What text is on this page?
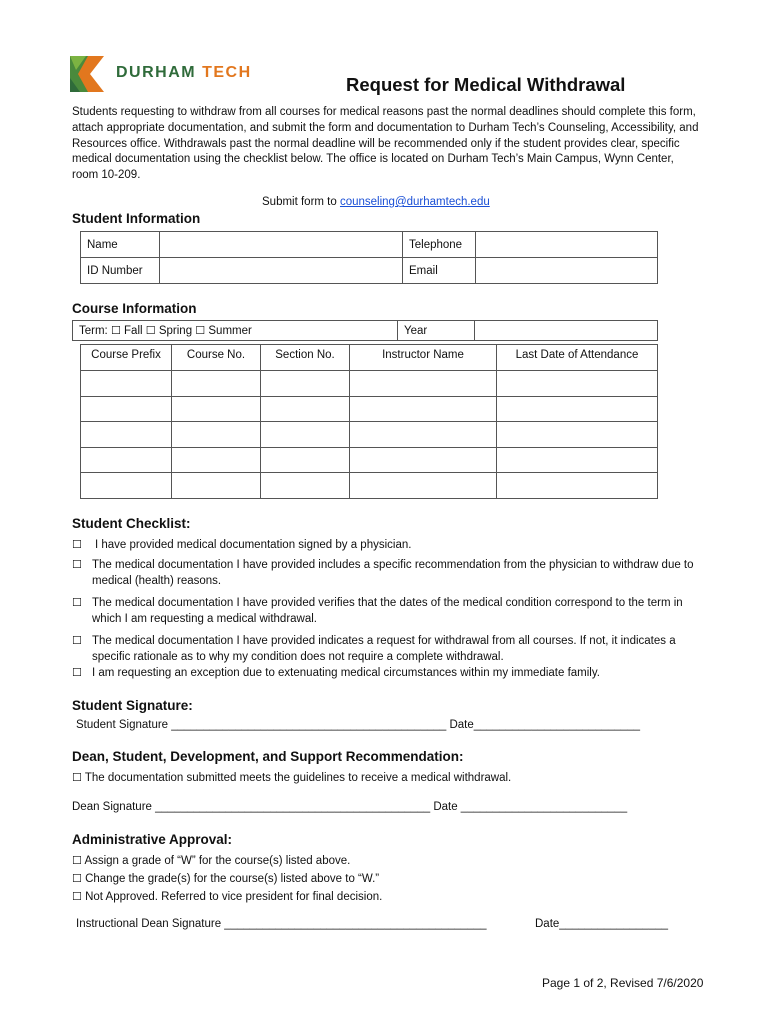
DURHAM TECH
Request for Medical Withdrawal
Students requesting to withdraw from all courses for medical reasons past the normal deadlines should complete this form, attach appropriate documentation, and submit the form and documentation to Durham Tech’s Counseling, Accessibility, and Resources office. Withdrawals past the normal deadline will be recommended only if the student provides clear, specific medical documentation using the checklist below. The office is located on Durham Tech’s Main Campus, Wynn Center, room 10-209.
Submit form to counseling@durhamtech.edu
Student Information
Name		Telephone	
ID Number		Email	
Course Information
Term: ☐ Fall ☐ Spring ☐ Summer	Year	
Course Prefix	Course No.	Section No.	Instructor Name	Last Date of Attendance

Student Checklist:
☐ I have provided medical documentation signed by a physician.
☐ The medical documentation I have provided includes a specific recommendation from the physician to withdraw due to medical (health) reasons.
☐ The medical documentation I have provided verifies that the dates of the medical condition correspond to the term in which I am requesting a medical withdrawal.
☐ The medical documentation I have provided indicates a request for withdrawal from all courses. If not, it indicates a specific rationale as to why my condition does not require a complete withdrawal.
☐ I am requesting an exception due to extenuating medical circumstances within my immediate family.
Student Signature:
Student Signature ___________________________________________ Date__________________________
Dean, Student, Development, and Support Recommendation:
☐ The documentation submitted meets the guidelines to receive a medical withdrawal.
Dean Signature ___________________________________________ Date __________________________
Administrative Approval:
☐ Assign a grade of “W” for the course(s) listed above.
☐ Change the grade(s) for the course(s) listed above to “W.”
☐ Not Approved. Referred to vice president for final decision.
Instructional Dean Signature _________________________________________	Date_________________
Page 1 of 2, Revised 7/6/2020
